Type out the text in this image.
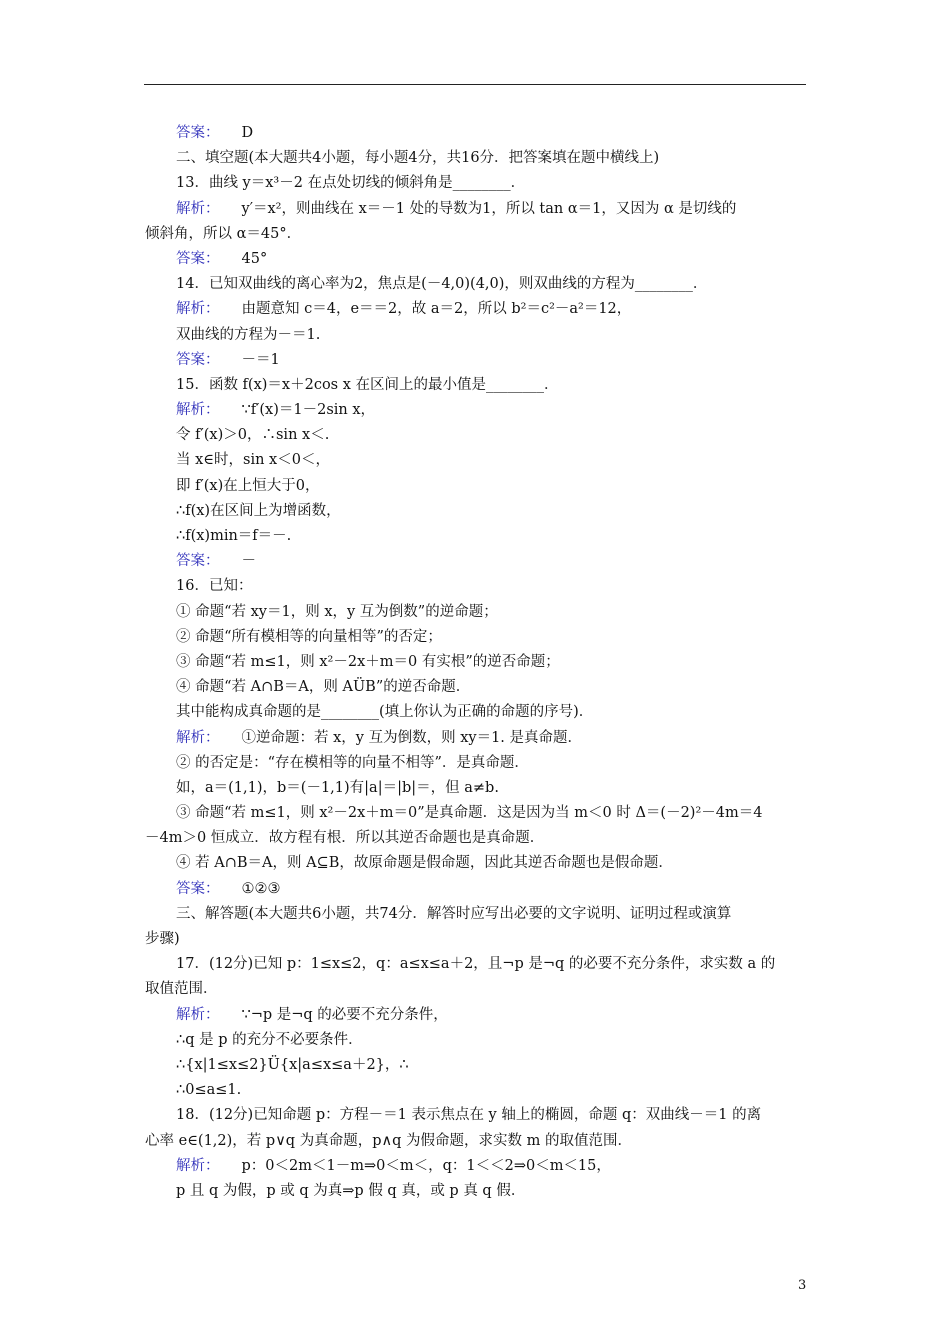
答案： D
二、填空题(本大题共4小题，每小题4分，共16分．把答案填在题中横线上)
13．曲线 y＝x³－2 在点处切线的倾斜角是________．
解析： y′＝x²，则曲线在 x＝－1 处的导数为1，所以 tan α＝1，又因为 α 是切线的
倾斜角，所以 α＝45°．
答案： 45°
14．已知双曲线的离心率为2，焦点是(－4,0)(4,0)，则双曲线的方程为________．
解析： 由题意知 c＝4，e＝＝2，故 a＝2，所以 b²＝c²－a²＝12，
双曲线的方程为－＝1.
答案： －＝1
15．函数 f(x)＝x＋2cos x 在区间上的最小值是________．
解析： ∵f′(x)＝1－2sin x，
令 f′(x)＞0，∴sin x＜.
当 x∈时，sin x＜0＜，
即 f′(x)在上恒大于0，
∴f(x)在区间上为增函数，
∴f(x)min＝f＝－.
答案： －
16．已知：
① 命题“若 xy＝1，则 x，y 互为倒数”的逆命题；
② 命题“所有模相等的向量相等”的否定；
③ 命题“若 m≤1，则 x²－2x＋m＝0 有实根”的逆否命题；
④ 命题“若 A∩B＝A，则 AÜB”的逆否命题．
其中能构成真命题的是________(填上你认为正确的命题的序号)．
解析： ①逆命题：若 x，y 互为倒数，则 xy＝1. 是真命题．
② 的否定是：“存在模相等的向量不相等”．是真命题．
如，a＝(1,1)，b＝(－1,1)有|a|＝|b|＝，但 a≠b.
③ 命题“若 m≤1，则 x²－2x＋m＝0”是真命题．这是因为当 m＜0 时 Δ＝(－2)²－4m＝4
－4m＞0 恒成立．故方程有根．所以其逆否命题也是真命题．
④ 若 A∩B＝A，则 A⊆B，故原命题是假命题，因此其逆否命题也是假命题．
答案： ①②③
三、解答题(本大题共6小题，共74分．解答时应写出必要的文字说明、证明过程或演算
步骤)
17．(12分)已知 p：1≤x≤2，q：a≤x≤a＋2，且¬p 是¬q 的必要不充分条件，求实数 a 的
取值范围．
解析： ∵¬p 是¬q 的必要不充分条件，
∴q 是 p 的充分不必要条件．
∴{x|1≤x≤2}Ü{x|a≤x≤a＋2}，∴
∴0≤a≤1.
18．(12分)已知命题 p：方程－＝1 表示焦点在 y 轴上的椭圆，命题 q：双曲线－＝1 的离
心率 e∈(1,2)，若 p∨q 为真命题，p∧q 为假命题，求实数 m 的取值范围．
解析： p：0＜2m＜1－m⇒0＜m＜，q：1＜＜2⇒0＜m＜15，
p 且 q 为假，p 或 q 为真⇒p 假 q 真，或 p 真 q 假．
3
